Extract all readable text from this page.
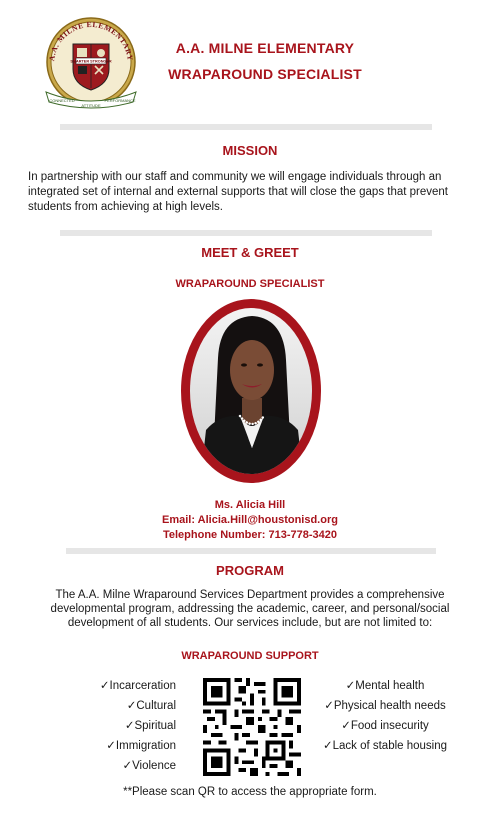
A.A. MILNE ELEMENTARY
SMARTER STRONGER
CONNECTED
ATTITUDE
PERFORMANCE
A.A. MILNE ELEMENTARY
WRAPAROUND SPECIALIST
MISSION
In partnership with our staff and community we will engage individuals through an integrated set of internal and external supports that will close the gaps that prevent students from achieving at high levels.
MEET & GREET
WRAPAROUND SPECIALIST
Ms. Alicia Hill
Email: Alicia.Hill@houstonisd.org
Telephone Number: 713-778-3420
PROGRAM
The A.A. Milne Wraparound Services Department provides a comprehensive developmental program, addressing the academic, career, and personal/social development of all students. Our services include, but are not limited to:
WRAPAROUND SUPPORT
✓Incarceration
✓Cultural
✓Spiritual
✓Immigration
✓Violence
✓Mental health
✓Physical health needs
✓Food insecurity
✓Lack of stable housing
**Please scan QR to access the appropriate form.
